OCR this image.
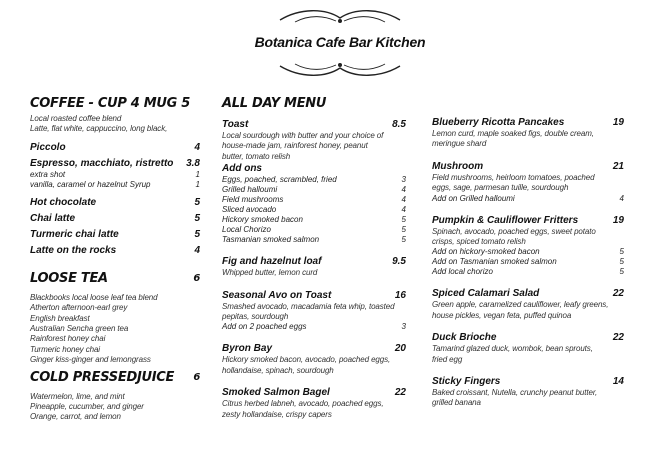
Botanica Cafe Bar Kitchen
COFFEE - CUP 4 MUG 5
Local roasted coffee blend
Latte, flat white, cappuccino, long black,
Piccolo	4
Espresso, macchiato, ristretto 3.8
extra shot	1
vanilla, caramel or hazelnut Syrup	1
Hot chocolate	5
Chai latte	5
Turmeric chai latte	5
Latte on the rocks	4
LOOSE TEA	6
Blackbooks local loose leaf tea blend
Atherton afternoon-earl grey
English breakfast
Australian Sencha green tea
Rainforest honey chai
Turmeric honey chai
Ginger kiss-ginger and lemongrass
COLD PRESSEDJUICE 6
Watermelon, lime, and mint
Pineapple, cucumber, and ginger
Orange, carrot, and lemon
ALL DAY MENU
Toast	8.5
Local sourdough with butter and your choice of
house-made jam, rainforest honey, peanut
butter, tomato relish
Add ons
Eggs, poached, scrambled, fried	3
Grilled halloumi	4
Field mushrooms	4
Sliced avocado	4
Hickory smoked bacon	5
Local Chorizo	5
Tasmanian smoked salmon	5
Fig and hazelnut loaf	9.5
Whipped butter, lemon curd
Seasonal Avo on Toast	16
Smashed avocado, macadamia feta whip, toasted
pepitas, sourdough
Add on 2 poached eggs	3
Byron Bay	20
Hickory smoked bacon, avocado, poached eggs,
hollandaise, spinach, sourdough
Smoked Salmon Bagel	22
Citrus herbed labneh, avocado, poached eggs,
zesty hollandaise, crispy capers
Blueberry Ricotta Pancakes	19
Lemon curd, maple soaked figs, double cream,
meringue shard
Mushroom	21
Field mushrooms, heirloom tomatoes, poached
eggs, sage, parmesan tuille, sourdough
Add on Grilled halloumi	4
Pumpkin & Cauliflower Fritters	19
Spinach, avocado, poached eggs, sweet potato
crisps, spiced tomato relish
Add on hickory-smoked bacon	5
Add on Tasmanian smoked salmon	5
Add local chorizo	5
Spiced Calamari Salad	22
Green apple, caramelized cauliflower, leafy greens,
house pickles, vegan feta, puffed quinoa
Duck Brioche	22
Tamarind glazed duck, wombok, bean sprouts,
fried egg
Sticky Fingers	14
Baked croissant, Nutella, crunchy peanut butter,
grilled banana
